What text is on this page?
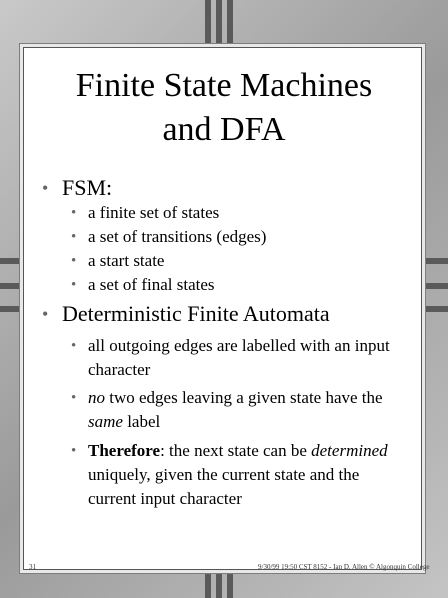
Finite State Machines
and DFA
• FSM:
• a finite set of states
• a set of transitions (edges)
• a start state
• a set of final states
• Deterministic Finite Automata
• all outgoing edges are labelled with an input character
• no two edges leaving a given state have the same label
• Therefore: the next state can be determined uniquely, given the current state and the current input character
31	9/30/99 19:50 CST 8152 - Ian D. Allen © Algonquin College
